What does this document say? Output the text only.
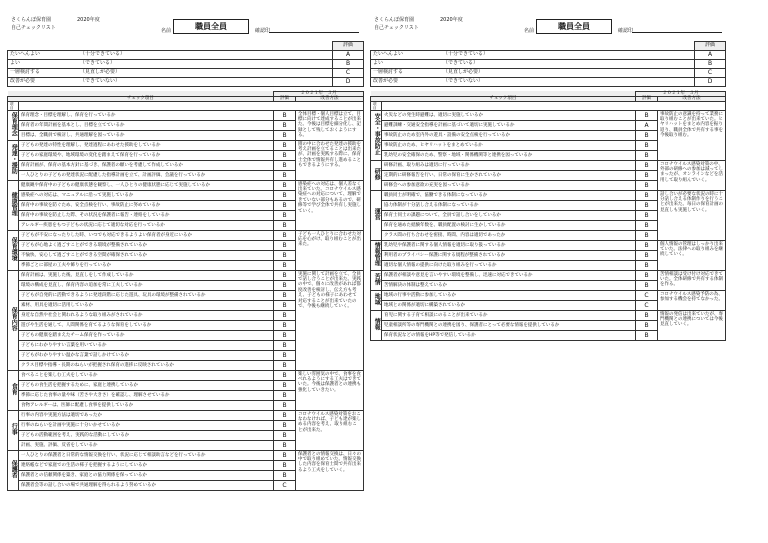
さくらんぼ保育園	2020年度
自己チェックリスト	名前	職員全員	確認印
	評価
たいへんよい （十分できている）	A
よい （できている）	B
一層検討する （見直しが必要）	C
改善が必要 （できていない）	D
		２０２１年　３月	
チェック項目		評価	改善方法
項目			
保育理念	保育理念・目標を理解し、保育を行っているか	B	全体目標・個人目標は立て、目標に向けて達成することが出来た。今後は目標を細分化し、記録として残しておくようにする。
	保育者の年間計画を基本とし、目標を立てているか	B	
	目標は、全職員で検討し、共通理解を図っているか	B	
発達・援助	子どもの発達の特性を理解し、発達過程にあわせた援助をしているか	B	園の中に合わせた発達の援助を考え計画を立てることは出来たが、計画を実践する際に、保育士全体で情報共有し進めることもできるようにする。
	子どもの家庭環境や、地域環境の変化を踏まえて保育を行っているか	B	
	保育計画が、保育の基本方針に基づき、保護者の願いを考慮して作成しているか	B	
	一人ひとりの子どもの発達状況に配慮した指導計画を立て、計画評価、会議を行っているか	B	
健康管理	健康観や保育中の子どもの健康状態を観察し、一人ひとりの健康状態に応じて実施しているか	B	感染症への対応は、個人差なく出来ていた。コロナウイルス感染症への対応について、理解できていない部分もあるので、研修等で学び全体で共有し実施していく。
	感染症への対応は、マニュアルに沿って実施しているか	B	
	保育中の事故を防ぐため、安全点検を行い、事故防止に努めているか	B	
	保育中の事故を防止した際、その状況を保護者に報告・連絡をしているか	B	
	アレルギー疾患をもつ子どもの状況に応じて適切な対応を行っているか	B	
保育環境	子どもが不安になったりした時、いつでも対応できるようよい保育者が身近にいるか	B	子ども一人ひとりに合わせた対応を心がけ、取り組むことが出来た。
	子どもが心地よく過ごすことができる環境が整備されているか	B	
	不愉快、安心して過ごすことができる空間が確保されているか	B	
	季節ごとに部屋の工夫や飾りを行っているか	B	
保育内容	保育計画は、実施した後、見直しをして作成しているか	B	実施に関して計画を立て、全員で話し合うことが出来た。実践の中で、個々に改善があれば都度改善を検討し、伝え方も考え、子どもの様子にあわせて対応することが出来ていたので、今後も継続していく。
	環境の構成を見直し、保育内容の追加を常に工夫しているか	B	
	子どもが自発的に活動できるように発達段階に応じた遊具、玩具の環境が整備されているか	B	
	素材、用具を適切に活用しているか	B	
	身近な自然や社会と関われるような取り組みがされているか	B	
	遊びや生活を通して、人間関係を育てるような保育をしているか	B	
	子どもの健康を踏まえたチーム保育を作っているか	B	
	子どもにわかりやすい言葉を用いているか	B	
	子どもがわかりやすい温かな言葉で話しかけているか	B	
	クラス目標や指導・長期のねらいが把握され保育の進捗に反映されているか	B	
食育	食べることを楽しむ工夫をしているか	B	楽しい雰囲気の中で、食事を食べれるようにする工夫はできていた。今後は保護者との連携も強化していきたい。
	子どもの食生活を把握するために、家庭と連携しているか	B	
	季節に応じた食事の量や味（苦さや大きさ）を確認し、理解させているか	B	
	食物アレルギーは、医師に配慮し食事を提供しているか	B	
行事	行事の内容や実施方法は適切であったか	B	コロナウイルス感染対策をおこなわなければ、子ども達が楽しめる内容を考え、取り組むことが出来た。
	行事のねらいを計画や実施に十分いかせているか	B	
	子どもの活動範囲を考え、実践的な活動にしているか	B	
	計画、実施、評価、反省をしているか	B	
保護者	一人ひとりの保護者と日常的な情報交換を行い、状況に応じて相談助言などを行っているか	B	保護者との情報交換は、日々の中で取り組めていた。情報交換した内容を保育士間で共有出来るよう工夫をしていく。
	連絡帳などで家庭での生活の様子を把握するようにしているか	B	
	保護者との信頼関係を築き、家庭との協力関係を保っているか	B	
	保護者会等の話し合いの場で共通理解を得られるよう努めているか	C	
さくらんぼ保育園	2020年度
自己チェックリスト	名前	職員全員	確認印
	評価
たいへんよい （十分できている）	A
よい （できている）	B
一層検討する （見直しが必要）	C
改善が必要 （できていない）	D
		２０２１年　３月	
チェック項目		評価	改善方法
項目			
安全・事故防止	火災などの発生時避難は、適切に実施しているか	B	事故防止の意識を持って業務に取り組むことが出来ていた。ヒヤリハットをまとめ内容を振り返り、職員全体で共有する事を今後取り組む。
	避難訓練・交通安全指導を計画に基づいて適切に実施しているか	A	
	事故防止のため室内外の遊具・設備の安全点検を行っているか	B	
	事故防止のため、ヒヤリハットをまとめているか	B	
	乳幼児の安全確保のため、警察・地域・関係機関等と連携を図っているか	B	
研修	研修計画、取り組みは適切に行っているか	B	コロナウイルス感染対策の中、外部の研修への参加は減ってしまったが、オンラインなどを活用して取り組んでいく。
	定期的に研修報告を行い、日常の保育に生かされているか	B	
	研修会への参加意欲の充実を図っているか	B	
運営	職員同士が明確で、協働できる体制になっているか	B	話し合いが必要な状況の時に十分話し合える体制作りを行うことが出来た。毎日の保育計画の見直しも実施していく。
	協力体制が十分話し合える体制になっているか	B	
	保育士同士の課題について、全員で話し合いをしているか	B	
	保育を通めた経験年数を、職員配置の検討に生かしているか	B	
	クラス間の打ち合わせを密接、時間、内容は適切であったか	B	
情報管理	乳幼児や保護者に関する個人情報を適切に取り扱っているか	B	個人情報の管理はしっかり出来ていた。法律への取り組みを継続していく。
	利用者のプライバシー保護に関する規程が整備されているか	B	
	適切な個人情報の提供に向けた取り組みを行っているか	B	
苦情	保護者が相談や意見を言いやすい環境を整備し、迅速に対応できているか	B	苦情相談は受け付け対応できていた。全体研修で共有する体制を作る。
	苦情解決の体制は整えているか	B	
地域	地域の行事や活動に参加しているか	C	コロナウイルス感染予防の為、参加する機会を持てなかった。
	地域との関係が適切に構築されているか	C	
情報	育児に関する子育て相談にのることが出来ているか	B	情報の発信は出来ていたが、専門機関との連携については今後見直していく。
	児童相談所等の専門機関との連携を図り、保護者にとって必要な情報を提供しているか	B	
	保育状況などの情報をHP等で発信しているか	B	
